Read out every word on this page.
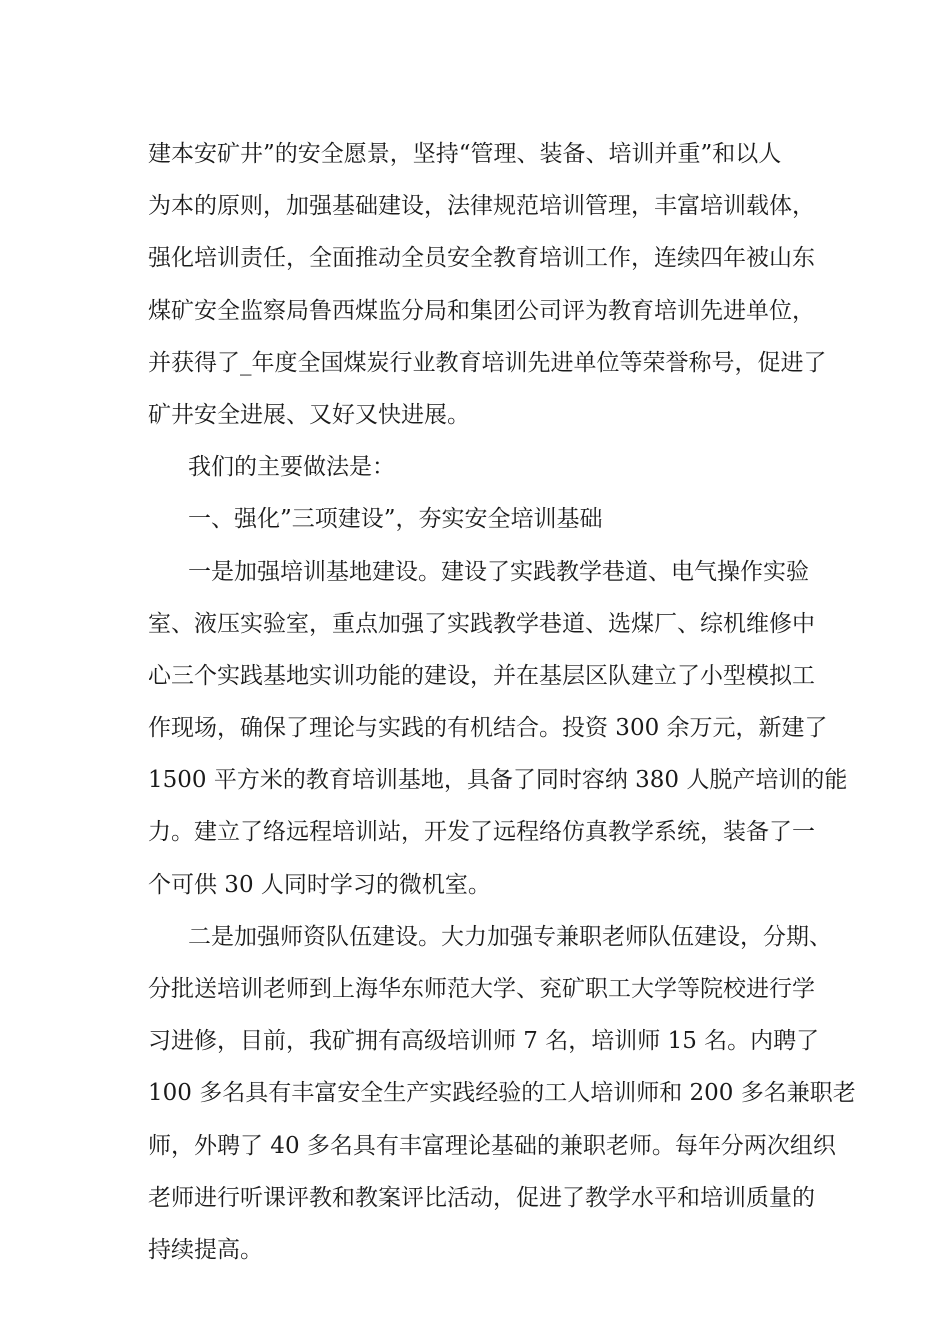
建本安矿井”的安全愿景，坚持“管理、装备、培训并重”和以人
为本的原则，加强基础建设，法律规范培训管理，丰富培训载体，
强化培训责任，全面推动全员安全教育培训工作，连续四年被山东
煤矿安全监察局鲁西煤监分局和集团公司评为教育培训先进单位，
并获得了_年度全国煤炭行业教育培训先进单位等荣誉称号，促进了
矿井安全进展、又好又快进展。
我们的主要做法是：
一、强化”三项建设”，夯实安全培训基础
一是加强培训基地建设。建设了实践教学巷道、电气操作实验
室、液压实验室，重点加强了实践教学巷道、选煤厂、综机维修中
心三个实践基地实训功能的建设，并在基层区队建立了小型模拟工
作现场，确保了理论与实践的有机结合。投资 300 余万元，新建了
1500 平方米的教育培训基地，具备了同时容纳 380 人脱产培训的能
力。建立了络远程培训站，开发了远程络仿真教学系统，装备了一
个可供 30 人同时学习的微机室。
二是加强师资队伍建设。大力加强专兼职老师队伍建设，分期、
分批送培训老师到上海华东师范大学、兖矿职工大学等院校进行学
习进修，目前，我矿拥有高级培训师 7 名，培训师 15 名。内聘了
100 多名具有丰富安全生产实践经验的工人培训师和 200 多名兼职老
师，外聘了 40 多名具有丰富理论基础的兼职老师。每年分两次组织
老师进行听课评教和教案评比活动，促进了教学水平和培训质量的
持续提高。
